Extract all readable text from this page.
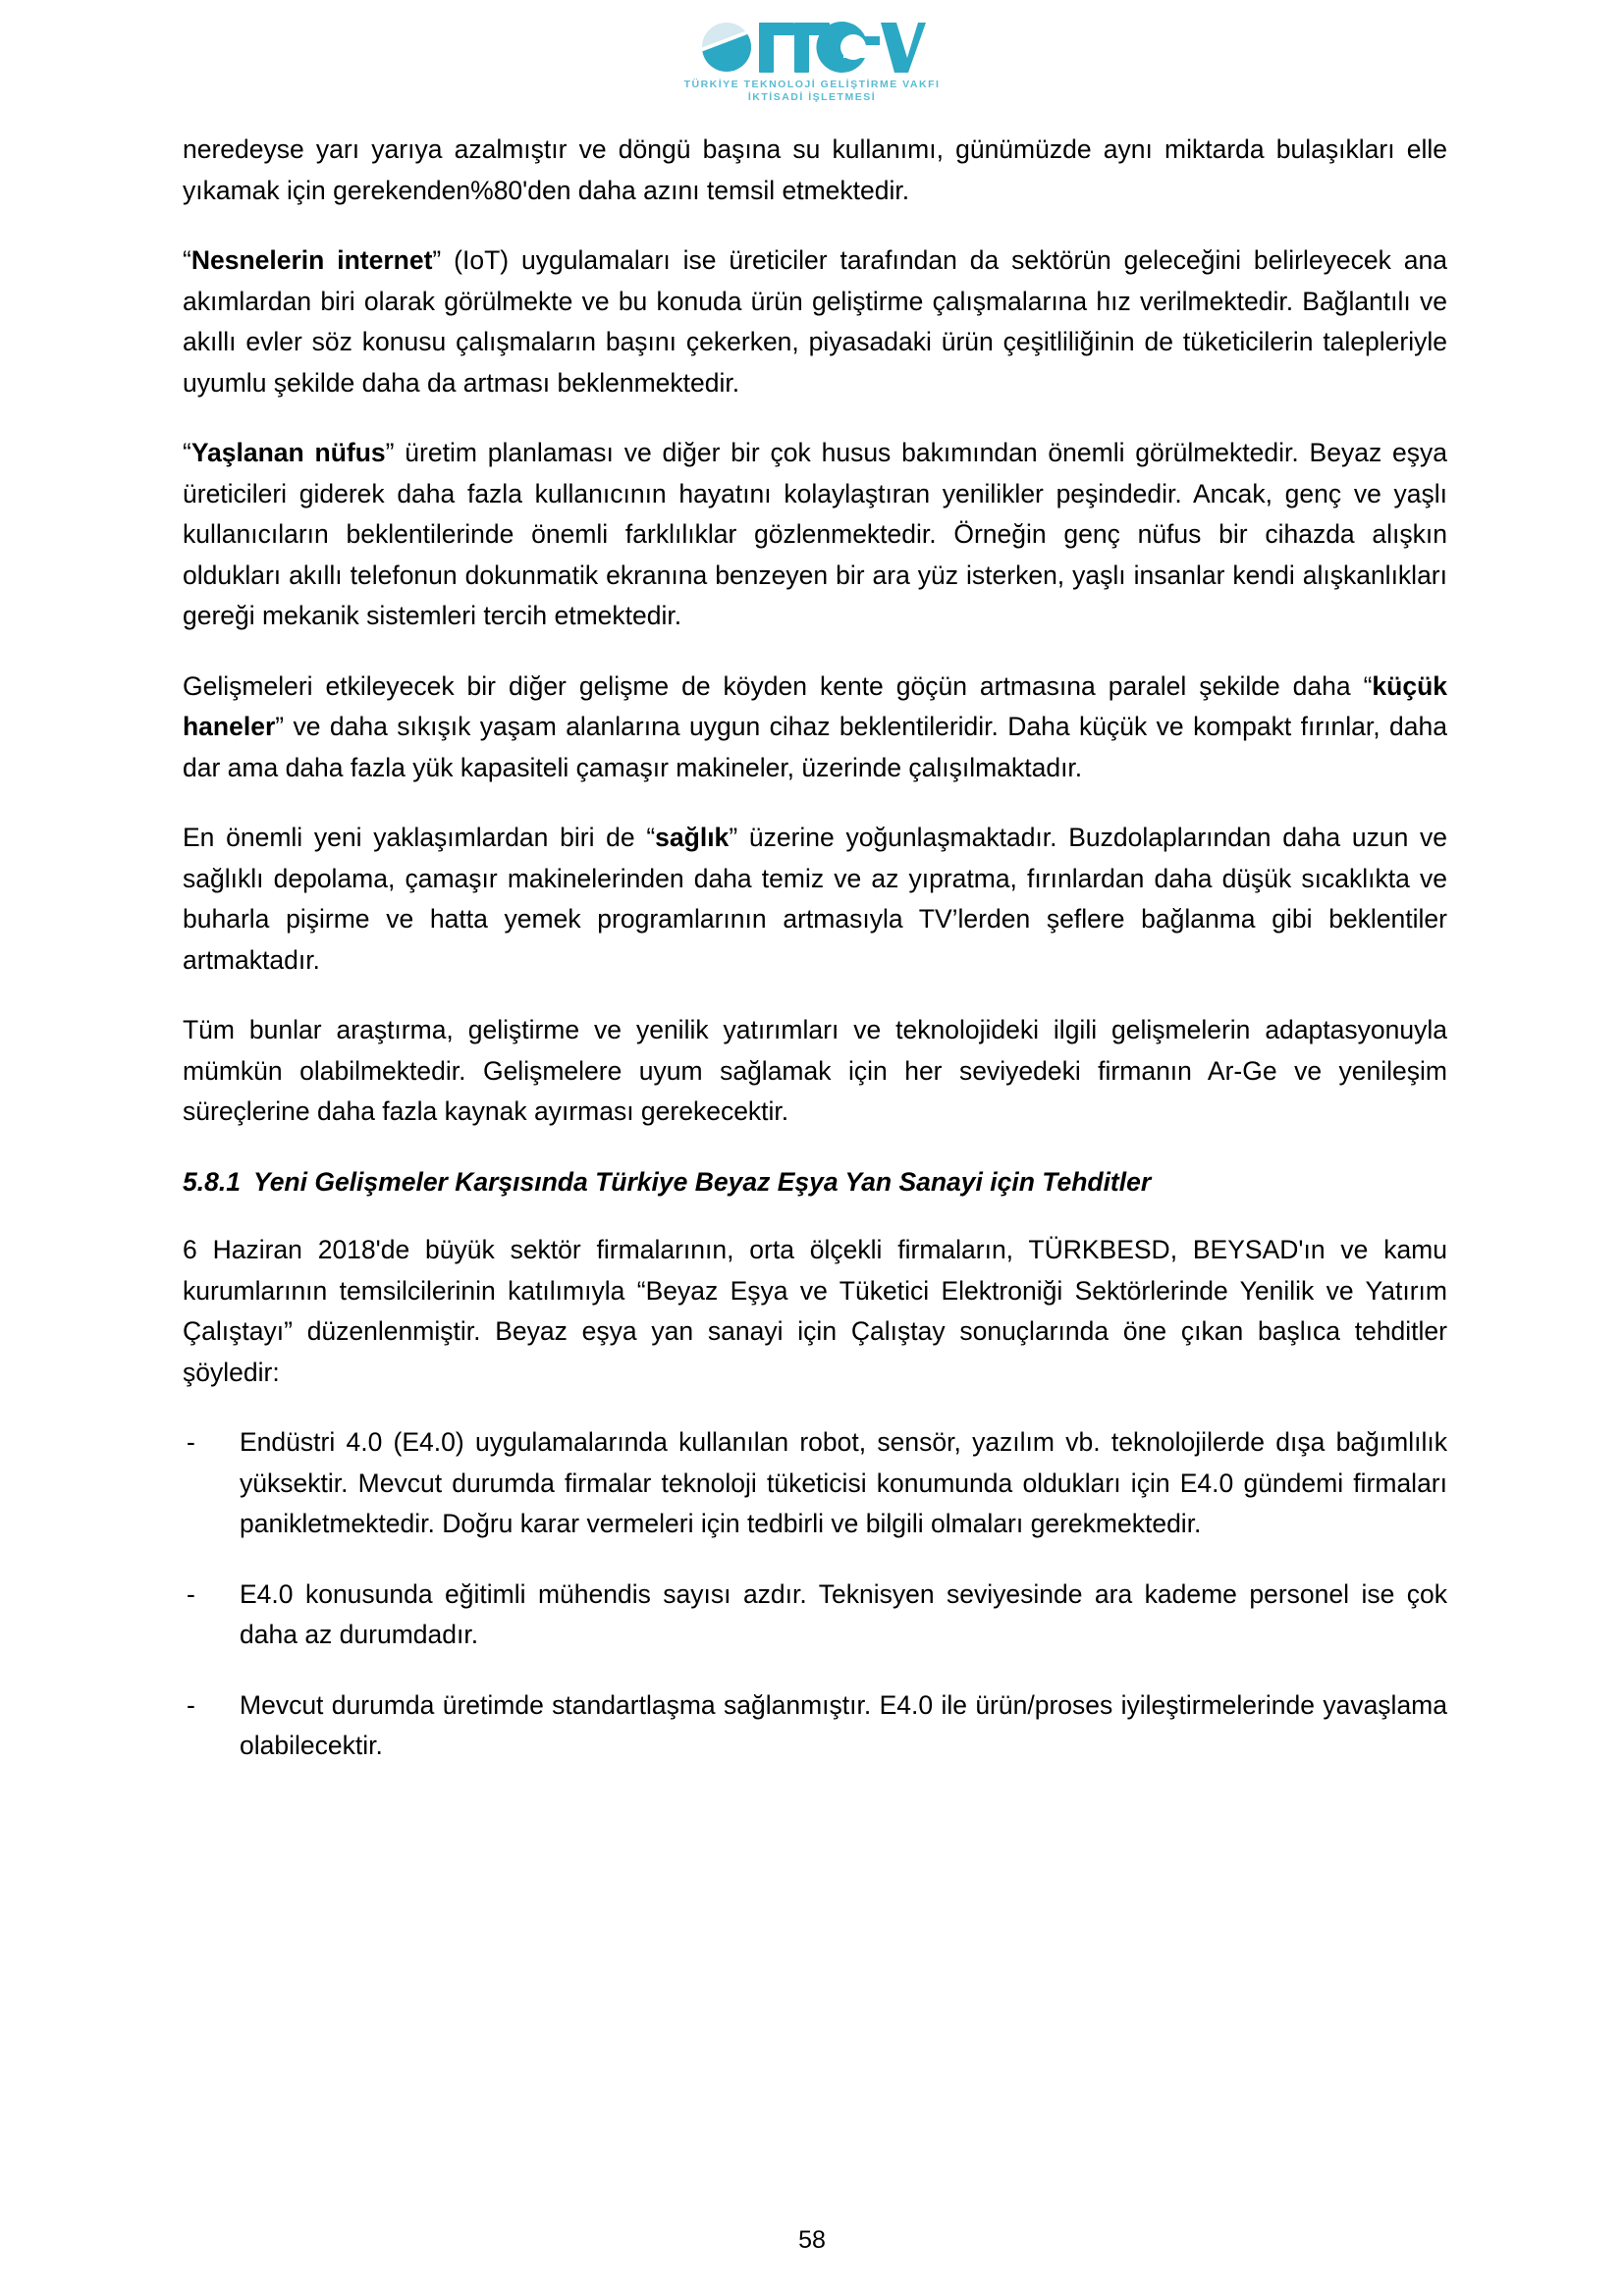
TÜRKİYE TEKNOLOJİ GELİŞTİRME VAKFI
İKTİSADİ İŞLETMESİ

neredeyse yarı yarıya azalmıştır ve döngü başına su kullanımı, günümüzde aynı miktarda bulaşıkları elle yıkamak için gerekenden%80'den daha azını temsil etmektedir.

“Nesnelerin internet” (IoT) uygulamaları ise üreticiler tarafından da sektörün geleceğini belirleyecek ana akımlardan biri olarak görülmekte ve bu konuda ürün geliştirme çalışmalarına hız verilmektedir. Bağlantılı ve akıllı evler söz konusu çalışmaların başını çekerken, piyasadaki ürün çeşitliliğinin de tüketicilerin talepleriyle uyumlu şekilde daha da artması beklenmektedir.

“Yaşlanan nüfus” üretim planlaması ve diğer bir çok husus bakımından önemli görülmektedir. Beyaz eşya üreticileri giderek daha fazla kullanıcının hayatını kolaylaştıran yenilikler peşindedir. Ancak, genç ve yaşlı kullanıcıların beklentilerinde önemli farklılıklar gözlenmektedir. Örneğin genç nüfus bir cihazda alışkın oldukları akıllı telefonun dokunmatik ekranına benzeyen bir ara yüz isterken, yaşlı insanlar kendi alışkanlıkları gereği mekanik sistemleri tercih etmektedir.

Gelişmeleri etkileyecek bir diğer gelişme de köyden kente göçün artmasına paralel şekilde daha “küçük haneler” ve daha sıkışık yaşam alanlarına uygun cihaz beklentileridir. Daha küçük ve kompakt fırınlar, daha dar ama daha fazla yük kapasiteli çamaşır makineler, üzerinde çalışılmaktadır.

En önemli yeni yaklaşımlardan biri de “sağlık” üzerine yoğunlaşmaktadır. Buzdolaplarından daha uzun ve sağlıklı depolama, çamaşır makinelerinden daha temiz ve az yıpratma, fırınlardan daha düşük sıcaklıkta ve buharla pişirme ve hatta yemek programlarının artmasıyla TV’lerden şeflere bağlanma gibi beklentiler artmaktadır.

Tüm bunlar araştırma, geliştirme ve yenilik yatırımları ve teknolojideki ilgili gelişmelerin adaptasyonuyla mümkün olabilmektedir. Gelişmelere uyum sağlamak için her seviyedeki firmanın Ar-Ge ve yenileşim süreçlerine daha fazla kaynak ayırması gerekecektir.

5.8.1 Yeni Gelişmeler Karşısında Türkiye Beyaz Eşya Yan Sanayi için Tehditler

6 Haziran 2018'de büyük sektör firmalarının, orta ölçekli firmaların, TÜRKBESD, BEYSAD'ın ve kamu kurumlarının temsilcilerinin katılımıyla “Beyaz Eşya ve Tüketici Elektroniği Sektörlerinde Yenilik ve Yatırım Çalıştayı” düzenlenmiştir. Beyaz eşya yan sanayi için Çalıştay sonuçlarında öne çıkan başlıca tehditler şöyledir:

-	Endüstri 4.0 (E4.0) uygulamalarında kullanılan robot, sensör, yazılım vb. teknolojilerde dışa bağımlılık yüksektir. Mevcut durumda firmalar teknoloji tüketicisi konumunda oldukları için E4.0 gündemi firmaları panikletmektedir. Doğru karar vermeleri için tedbirli ve bilgili olmaları gerekmektedir.
-	E4.0 konusunda eğitimli mühendis sayısı azdır. Teknisyen seviyesinde ara kademe personel ise çok daha az durumdadır.
-	Mevcut durumda üretimde standartlaşma sağlanmıştır. E4.0 ile ürün/proses iyileştirmelerinde yavaşlama olabilecektir.
58
